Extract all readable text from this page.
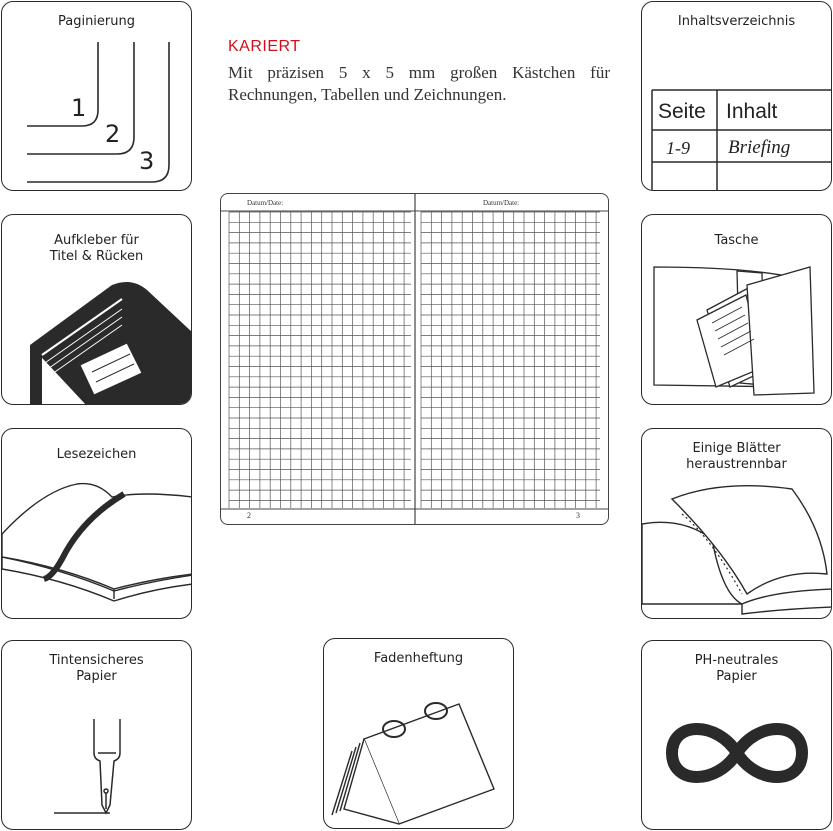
KARIERT
Mit präzisen 5 x 5 mm großen Kästchen für
Rechnungen, Tabellen und Zeichnungen.
Datum/Date:	Datum/Date:
2	3
Paginierung
1
2
3
Inhaltsverzeichnis
Seite Inhalt
1-9 Briefing
Aufkleber für
Titel & Rücken
Tasche
Lesezeichen	Einige Blätter
heraustrennbar
Tintensicheres
Papier
Fadenheftung	PH-neutrales
Papier
